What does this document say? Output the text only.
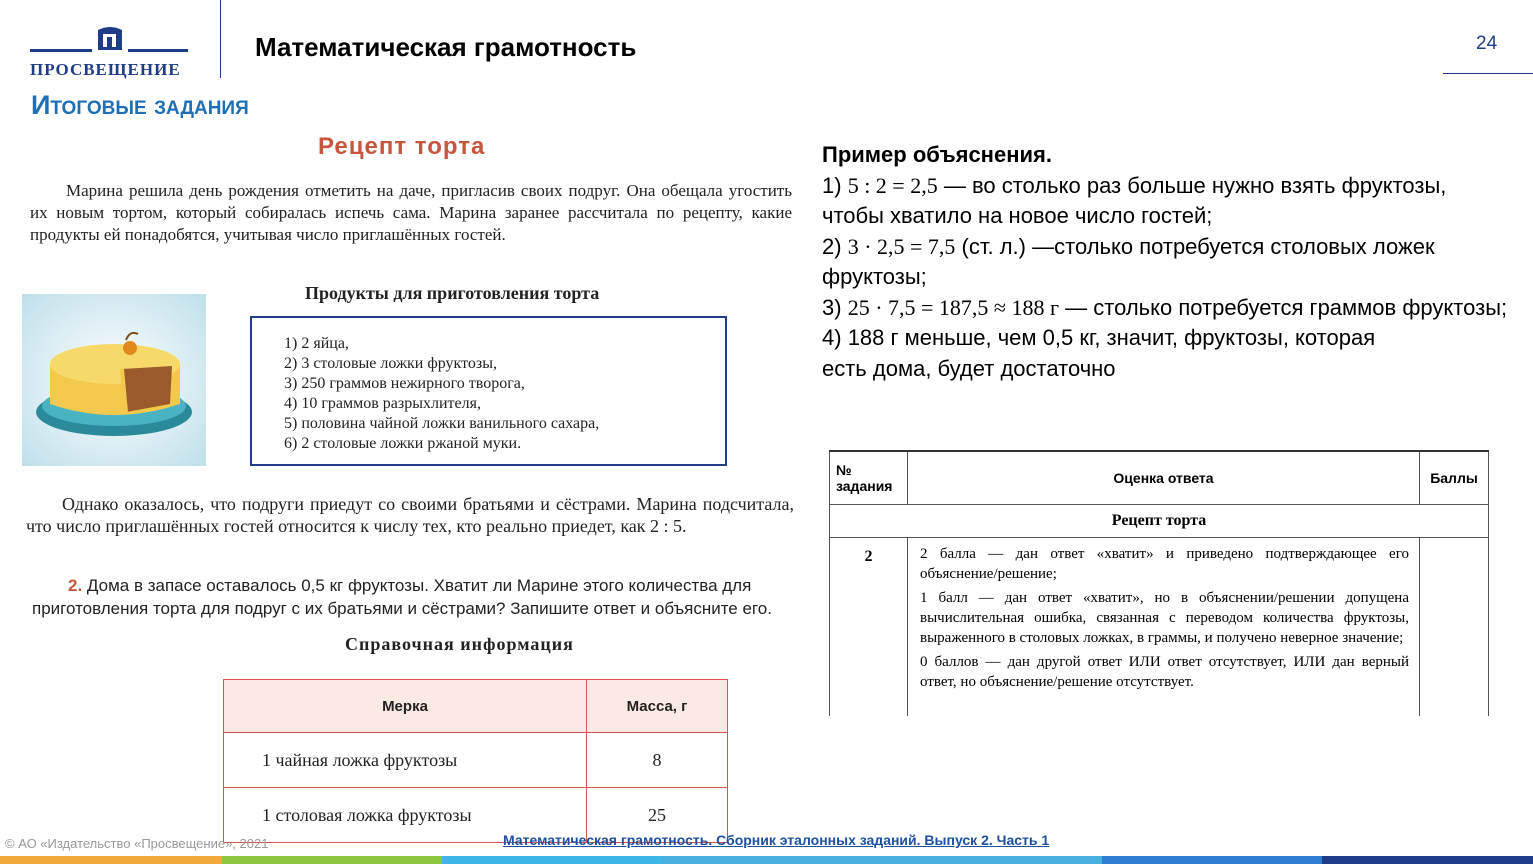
ПРОСВЕЩЕНИЕ
Математическая грамотность	24
Итоговые задания
Рецепт торта
Марина решила день рождения отметить на даче, пригласив своих подруг. Она обещала угостить их новым тортом, который собиралась испечь сама. Марина заранее рассчитала по рецепту, какие продукты ей понадобятся, учитывая число приглашённых гостей.
Продукты для приготовления торта
1) 2 яйца,
2) 3 столовые ложки фруктозы,
3) 250 граммов нежирного творога,
4) 10 граммов разрыхлителя,
5) половина чайной ложки ванильного сахара,
6) 2 столовые ложки ржаной муки.
Однако оказалось, что подруги приедут со своими братьями и сёстрами. Марина подсчитала, что число приглашённых гостей относится к числу тех, кто реально приедет, как 2 : 5.
2. Дома в запасе оставалось 0,5 кг фруктозы. Хватит ли Марине этого количества для приготовления торта для подруг с их братьями и сёстрами? Запишите ответ и объясните его.
Справочная информация
Мерка	Масса, г
1 чайная ложка фруктозы	8
1 столовая ложка фруктозы	25
Пример объяснения.
1) 5 : 2 = 2,5 — во столько раз больше нужно взять фруктозы, чтобы хватило на новое число гостей;
2) 3 · 2,5 = 7,5 (ст. л.) —столько потребуется столовых ложек фруктозы;
3) 25 · 7,5 = 187,5 ≈ 188 г — столько потребуется граммов фруктозы;
4) 188 г меньше, чем 0,5 кг, значит, фруктозы, которая есть дома, будет достаточно
№ задания	Оценка ответа	Баллы
Рецепт торта		
2	2 балла — дан ответ «хватит» и приведено подтверждающее его объяснение/решение;

1 балл — дан ответ «хватит», но в объяснении/решении допущена вычислительная ошибка, связанная с переводом количества фруктозы, выраженного в столовых ложках, в граммы, и получено неверное значение;

0 баллов — дан другой ответ ИЛИ ответ отсутствует, ИЛИ дан верный ответ, но объяснение/решение отсутствует.	

© АО «Издательство «Просвещение», 2021	Математическая грамотность. Сборник эталонных заданий. Выпуск 2. Часть 1
